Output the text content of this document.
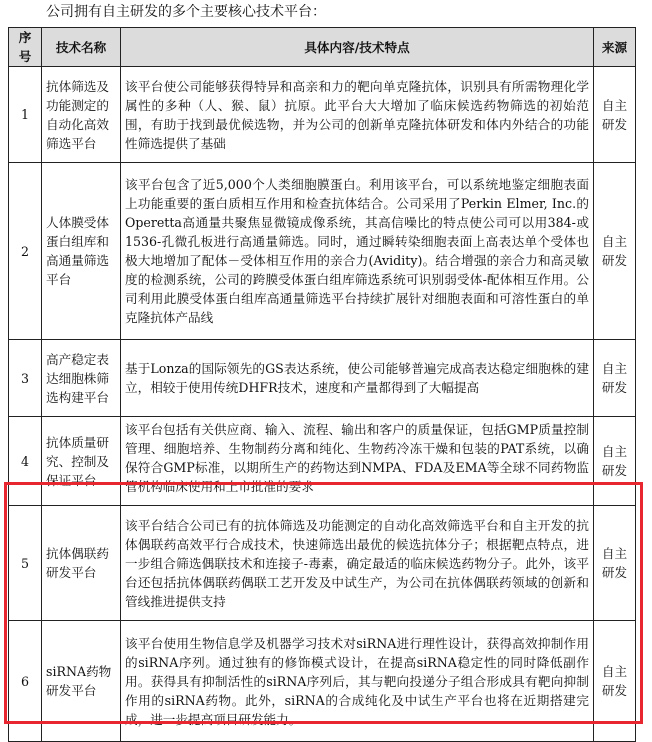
公司拥有自主研发的多个主要核心技术平台：
序号	技术名称	具体内容/技术特点	来源
1	抗体筛选及功能测定的自动化高效筛选平台	该平台使公司能够获得特异和高亲和力的靶向单克隆抗体，识别具有所需物理化学属性的多种（人、猴、鼠）抗原。此平台大大增加了临床候选药物筛选的初始范围，有助于找到最优候选物，并为公司的创新单克隆抗体研发和体内外结合的功能性筛选提供了基础	自主研发
2	人体膜受体蛋白组库和高通量筛选平台	该平台包含了近5,000个人类细胞膜蛋白。利用该平台，可以系统地鉴定细胞表面上功能重要的蛋白质相互作用和检查抗体结合。公司采用了Perkin Elmer, Inc.的Operetta高通量共聚焦显微镜成像系统，其高信噪比的特点使公司可以用384-或1536-孔微孔板进行高通量筛选。同时，通过瞬转染细胞表面上高表达单个受体也极大地增加了配体－受体相互作用的亲合力(Avidity)。结合增强的亲合力和高灵敏度的检测系统，公司的跨膜受体蛋白组库筛选系统可识别弱受体-配体相互作用。公司利用此膜受体蛋白组库高通量筛选平台持续扩展针对细胞表面和可溶性蛋白的单克隆抗体产品线	自主研发
3	高产稳定表达细胞株筛选构建平台	基于Lonza的国际领先的GS表达系统，使公司能够普遍完成高表达稳定细胞株的建立，相较于使用传统DHFR技术，速度和产量都得到了大幅提高	自主研发
4	抗体质量研究、控制及保证平台	该平台包括有关供应商、输入、流程、输出和客户的质量保证，包括GMP质量控制管理、细胞培养、生物制药分离和纯化、生物药冷冻干燥和包装的PAT系统，以确保符合GMP标准，以期所生产的药物达到NMPA、FDA及EMA等全球不同药物监管机构临床使用和上市批准的要求	自主研发
5	抗体偶联药研发平台	该平台结合公司已有的抗体筛选及功能测定的自动化高效筛选平台和自主开发的抗体偶联药高效平行合成技术，快速筛选出最优的候选抗体分子；根据靶点特点，进一步组合筛选偶联技术和连接子-毒素，确定最适的临床候选药物分子。此外，该平台还包括抗体偶联药偶联工艺开发及中试生产，为公司在抗体偶联药领域的创新和管线推进提供支持	自主研发
6	siRNA药物研发平台	该平台使用生物信息学及机器学习技术对siRNA进行理性设计，获得高效抑制作用的siRNA序列。通过独有的修饰模式设计，在提高siRNA稳定性的同时降低副作用。获得具有抑制活性的siRNA序列后，其与靶向投递分子组合形成具有靶向抑制作用的siRNA药物。此外，siRNA的合成纯化及中试生产平台也将在近期搭建完成，进一步提高项目研发能力。	自主研发
